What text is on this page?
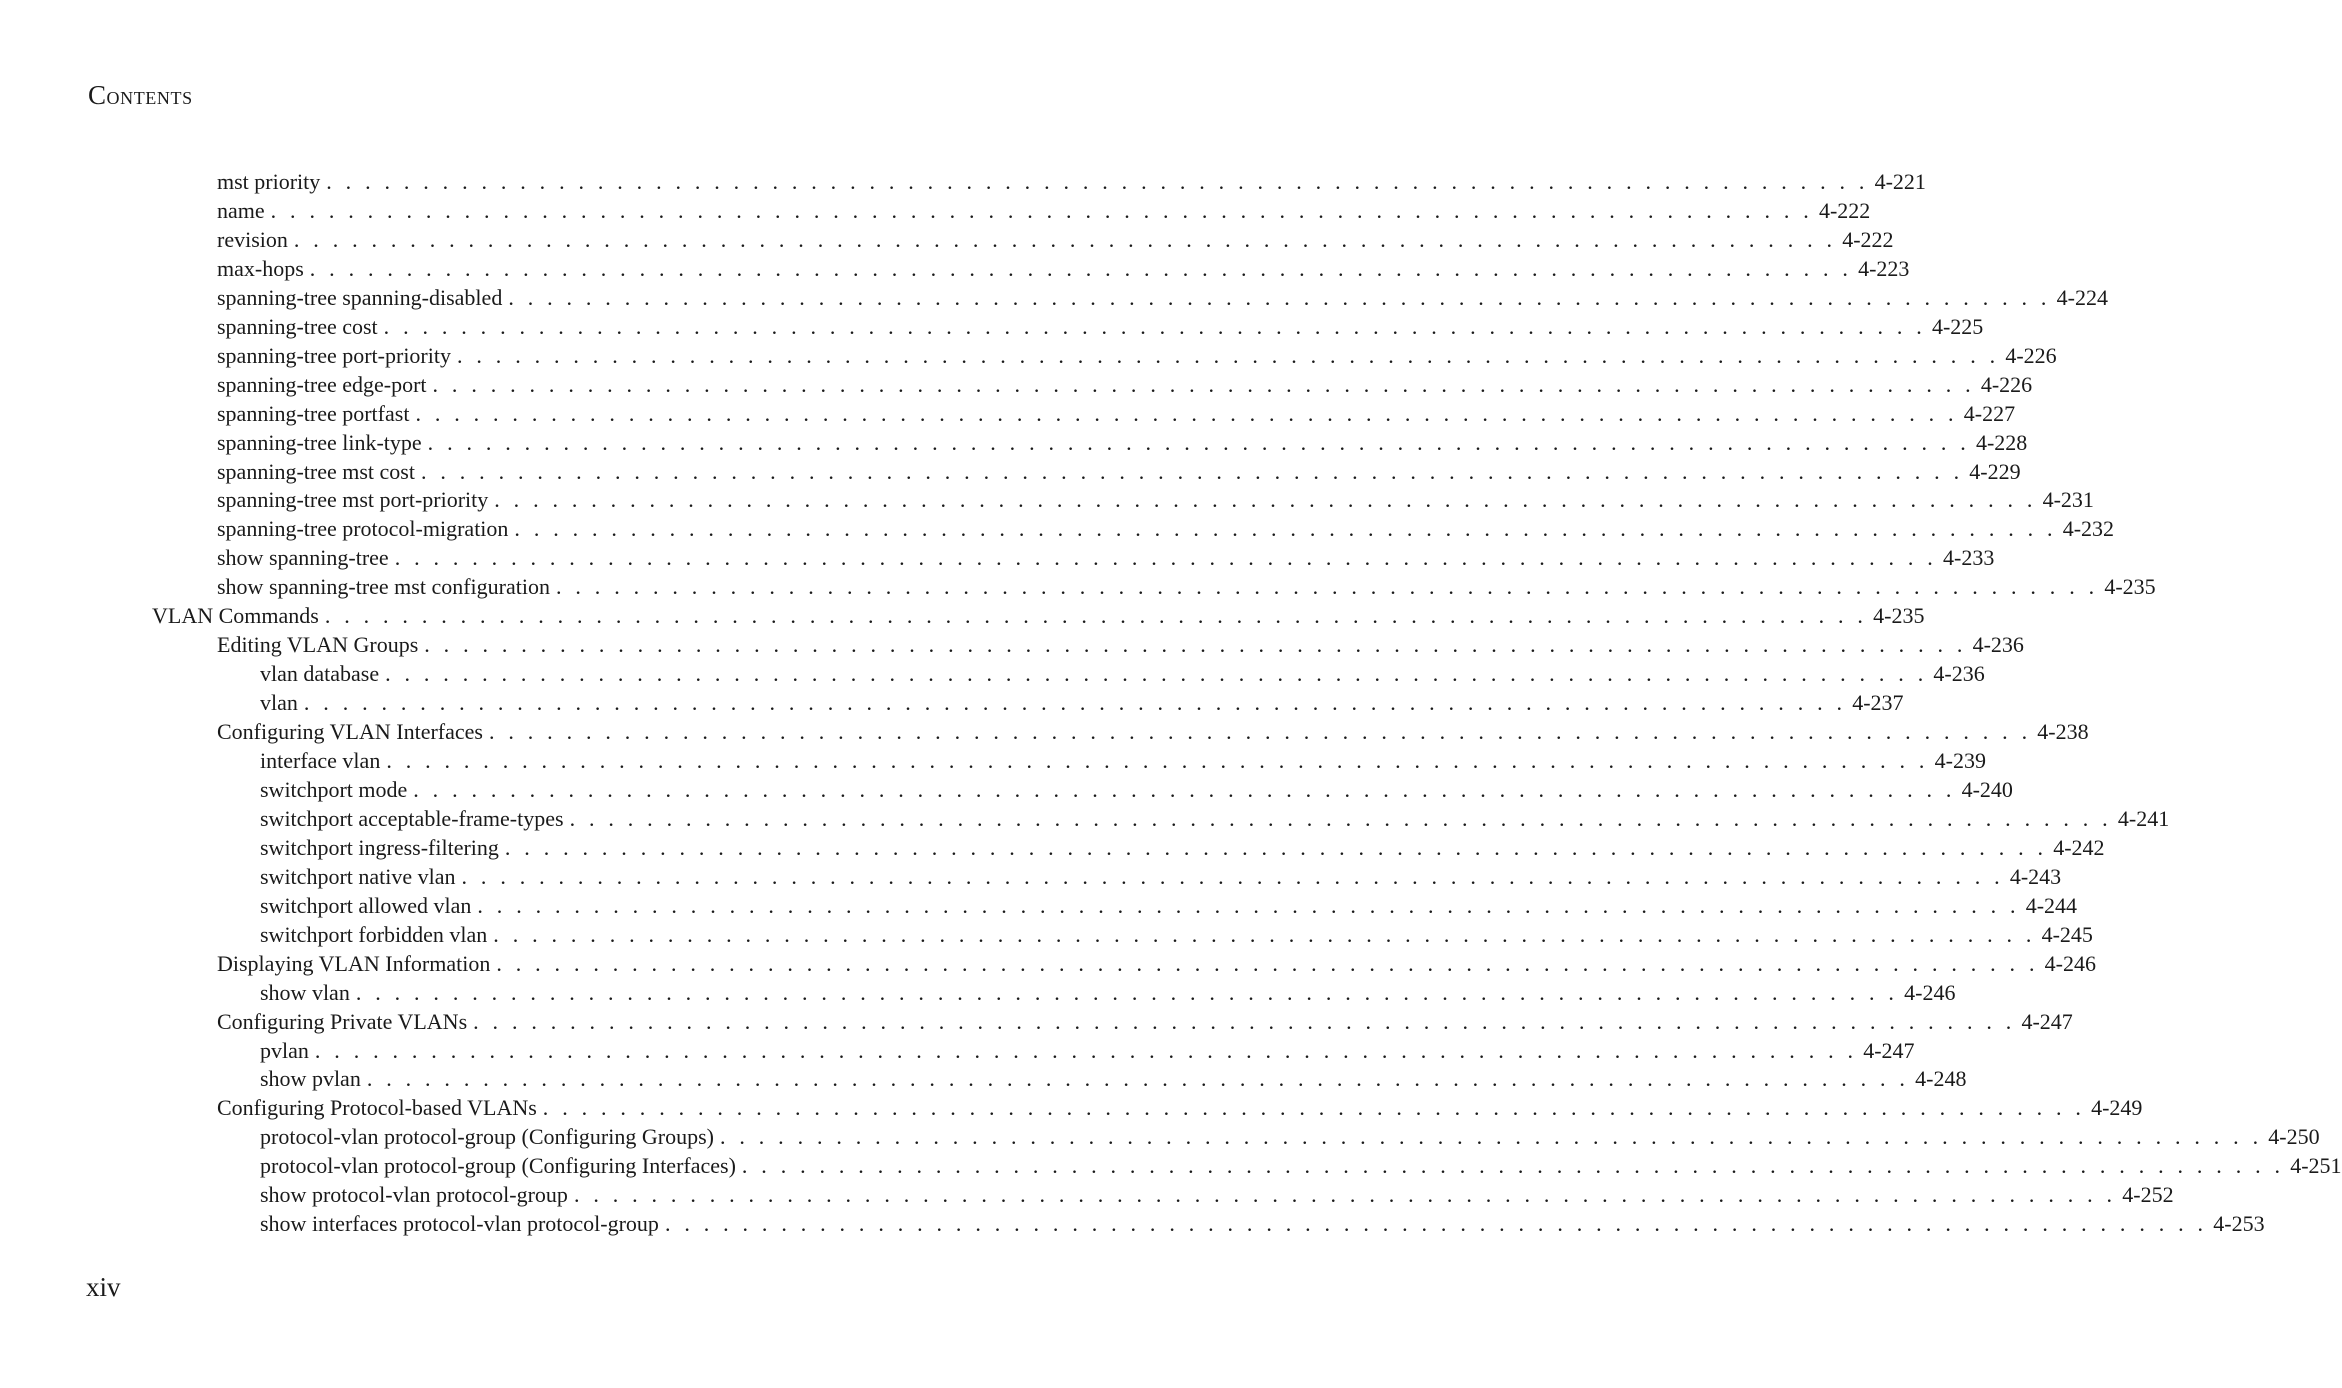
CONTENTS
mst priority . . . . . . . . . . . . . . . . . . . . . . . . . . . . . . . . . . . . . . . . . . . . . . . . . . . . . . . . . . . . . . . . . . . . . . . . . . . . . . . . 4-221
name . . . . . . . . . . . . . . . . . . . . . . . . . . . . . . . . . . . . . . . . . . . . . . . . . . . . . . . . . . . . . . . . . . . . . . . . . . . . . . . . 4-222
revision . . . . . . . . . . . . . . . . . . . . . . . . . . . . . . . . . . . . . . . . . . . . . . . . . . . . . . . . . . . . . . . . . . . . . . . . . . . . . . . . 4-222
max-hops . . . . . . . . . . . . . . . . . . . . . . . . . . . . . . . . . . . . . . . . . . . . . . . . . . . . . . . . . . . . . . . . . . . . . . . . . . . . . . . . 4-223
spanning-tree spanning-disabled . . . . . . . . . . . . . . . . . . . . . . . . . . . . . . . . . . . . . . . . . . . . . . . . . . . . . . . . . . . . . . . . . . . . . . . . . . . . . . . . 4-224
spanning-tree cost . . . . . . . . . . . . . . . . . . . . . . . . . . . . . . . . . . . . . . . . . . . . . . . . . . . . . . . . . . . . . . . . . . . . . . . . . . . . . . . . 4-225
spanning-tree port-priority . . . . . . . . . . . . . . . . . . . . . . . . . . . . . . . . . . . . . . . . . . . . . . . . . . . . . . . . . . . . . . . . . . . . . . . . . . . . . . . . 4-226
spanning-tree edge-port . . . . . . . . . . . . . . . . . . . . . . . . . . . . . . . . . . . . . . . . . . . . . . . . . . . . . . . . . . . . . . . . . . . . . . . . . . . . . . . . 4-226
spanning-tree portfast . . . . . . . . . . . . . . . . . . . . . . . . . . . . . . . . . . . . . . . . . . . . . . . . . . . . . . . . . . . . . . . . . . . . . . . . . . . . . . . . 4-227
spanning-tree link-type . . . . . . . . . . . . . . . . . . . . . . . . . . . . . . . . . . . . . . . . . . . . . . . . . . . . . . . . . . . . . . . . . . . . . . . . . . . . . . . . 4-228
spanning-tree mst cost . . . . . . . . . . . . . . . . . . . . . . . . . . . . . . . . . . . . . . . . . . . . . . . . . . . . . . . . . . . . . . . . . . . . . . . . . . . . . . . . 4-229
spanning-tree mst port-priority . . . . . . . . . . . . . . . . . . . . . . . . . . . . . . . . . . . . . . . . . . . . . . . . . . . . . . . . . . . . . . . . . . . . . . . . . . . . . . . . 4-231
spanning-tree protocol-migration . . . . . . . . . . . . . . . . . . . . . . . . . . . . . . . . . . . . . . . . . . . . . . . . . . . . . . . . . . . . . . . . . . . . . . . . . . . . . . . . 4-232
show spanning-tree . . . . . . . . . . . . . . . . . . . . . . . . . . . . . . . . . . . . . . . . . . . . . . . . . . . . . . . . . . . . . . . . . . . . . . . . . . . . . . . . 4-233
show spanning-tree mst configuration . . . . . . . . . . . . . . . . . . . . . . . . . . . . . . . . . . . . . . . . . . . . . . . . . . . . . . . . . . . . . . . . . . . . . . . . . . . . . . . . 4-235
VLAN Commands . . . . . . . . . . . . . . . . . . . . . . . . . . . . . . . . . . . . . . . . . . . . . . . . . . . . . . . . . . . . . . . . . . . . . . . . . . . . . . . . 4-235
Editing VLAN Groups . . . . . . . . . . . . . . . . . . . . . . . . . . . . . . . . . . . . . . . . . . . . . . . . . . . . . . . . . . . . . . . . . . . . . . . . . . . . . . . . 4-236
vlan database . . . . . . . . . . . . . . . . . . . . . . . . . . . . . . . . . . . . . . . . . . . . . . . . . . . . . . . . . . . . . . . . . . . . . . . . . . . . . . . . 4-236
vlan . . . . . . . . . . . . . . . . . . . . . . . . . . . . . . . . . . . . . . . . . . . . . . . . . . . . . . . . . . . . . . . . . . . . . . . . . . . . . . . . 4-237
Configuring VLAN Interfaces . . . . . . . . . . . . . . . . . . . . . . . . . . . . . . . . . . . . . . . . . . . . . . . . . . . . . . . . . . . . . . . . . . . . . . . . . . . . . . . . 4-238
interface vlan . . . . . . . . . . . . . . . . . . . . . . . . . . . . . . . . . . . . . . . . . . . . . . . . . . . . . . . . . . . . . . . . . . . . . . . . . . . . . . . . 4-239
switchport mode . . . . . . . . . . . . . . . . . . . . . . . . . . . . . . . . . . . . . . . . . . . . . . . . . . . . . . . . . . . . . . . . . . . . . . . . . . . . . . . . 4-240
switchport acceptable-frame-types . . . . . . . . . . . . . . . . . . . . . . . . . . . . . . . . . . . . . . . . . . . . . . . . . . . . . . . . . . . . . . . . . . . . . . . . . . . . . . . . 4-241
switchport ingress-filtering . . . . . . . . . . . . . . . . . . . . . . . . . . . . . . . . . . . . . . . . . . . . . . . . . . . . . . . . . . . . . . . . . . . . . . . . . . . . . . . . 4-242
switchport native vlan . . . . . . . . . . . . . . . . . . . . . . . . . . . . . . . . . . . . . . . . . . . . . . . . . . . . . . . . . . . . . . . . . . . . . . . . . . . . . . . . 4-243
switchport allowed vlan . . . . . . . . . . . . . . . . . . . . . . . . . . . . . . . . . . . . . . . . . . . . . . . . . . . . . . . . . . . . . . . . . . . . . . . . . . . . . . . . 4-244
switchport forbidden vlan . . . . . . . . . . . . . . . . . . . . . . . . . . . . . . . . . . . . . . . . . . . . . . . . . . . . . . . . . . . . . . . . . . . . . . . . . . . . . . . . 4-245
Displaying VLAN Information . . . . . . . . . . . . . . . . . . . . . . . . . . . . . . . . . . . . . . . . . . . . . . . . . . . . . . . . . . . . . . . . . . . . . . . . . . . . . . . . 4-246
show vlan . . . . . . . . . . . . . . . . . . . . . . . . . . . . . . . . . . . . . . . . . . . . . . . . . . . . . . . . . . . . . . . . . . . . . . . . . . . . . . . . 4-246
Configuring Private VLANs . . . . . . . . . . . . . . . . . . . . . . . . . . . . . . . . . . . . . . . . . . . . . . . . . . . . . . . . . . . . . . . . . . . . . . . . . . . . . . . . 4-247
pvlan . . . . . . . . . . . . . . . . . . . . . . . . . . . . . . . . . . . . . . . . . . . . . . . . . . . . . . . . . . . . . . . . . . . . . . . . . . . . . . . . 4-247
show pvlan . . . . . . . . . . . . . . . . . . . . . . . . . . . . . . . . . . . . . . . . . . . . . . . . . . . . . . . . . . . . . . . . . . . . . . . . . . . . . . . . 4-248
Configuring Protocol-based VLANs . . . . . . . . . . . . . . . . . . . . . . . . . . . . . . . . . . . . . . . . . . . . . . . . . . . . . . . . . . . . . . . . . . . . . . . . . . . . . . . . 4-249
protocol-vlan protocol-group (Configuring Groups) . . . . . . . . . . . . . . . . . . . . . . . . . . . . . . . . . . . . . . . . . . . . . . . . . . . . . . . . . . . . . . . . . . . . . . . . . . . . . . . . 4-250
protocol-vlan protocol-group (Configuring Interfaces) . . . . . . . . . . . . . . . . . . . . . . . . . . . . . . . . . . . . . . . . . . . . . . . . . . . . . . . . . . . . . . . . . . . . . . . . . . . . . . . . 4-251
show protocol-vlan protocol-group . . . . . . . . . . . . . . . . . . . . . . . . . . . . . . . . . . . . . . . . . . . . . . . . . . . . . . . . . . . . . . . . . . . . . . . . . . . . . . . . 4-252
show interfaces protocol-vlan protocol-group . . . . . . . . . . . . . . . . . . . . . . . . . . . . . . . . . . . . . . . . . . . . . . . . . . . . . . . . . . . . . . . . . . . . . . . . . . . . . . . . 4-253
xiv
